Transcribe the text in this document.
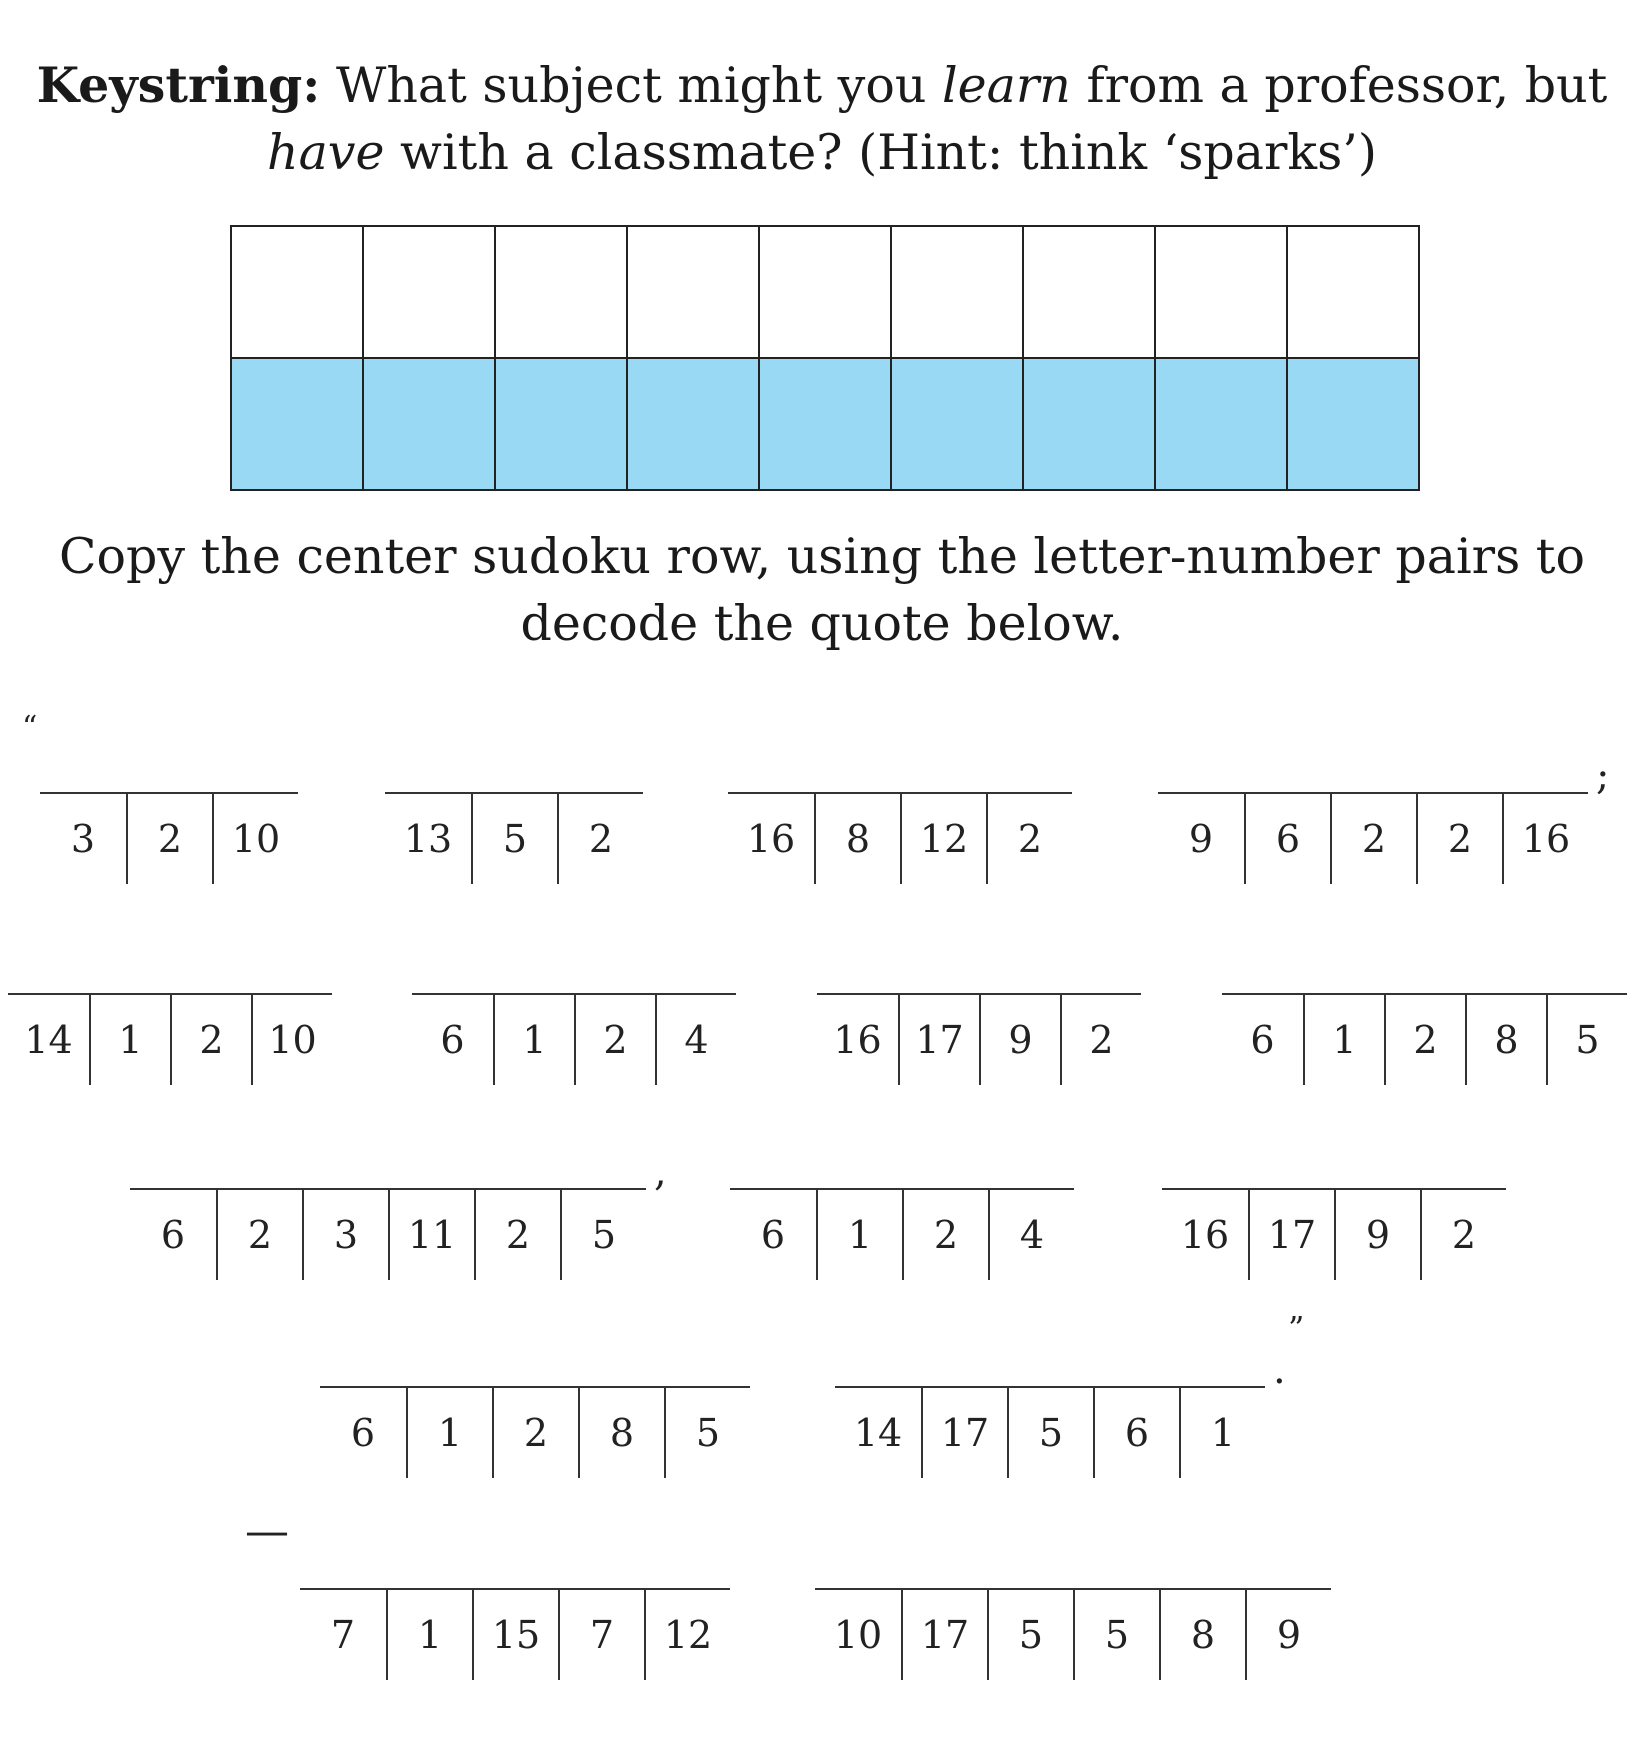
Keystring: What subject might you learn from a professor, but
have with a classmate? (Hint: think ‘sparks’)
Copy the center sudoku row, using the letter-number pairs to
decode the quote below.
“
”
—
3	2	10	13	5	2	16	8	12	2	9	6	2	2	16
;
14	1	2	10	6	1	2	4	16 17	9	2	6	1	2	8	5
6	2	3	11	2	5
,
6	1	2	4	16	17	9	2
6	1	2	8	5	14	17	5	6	1
.
7	1	15	7	12	10	17	5	5	8	9
